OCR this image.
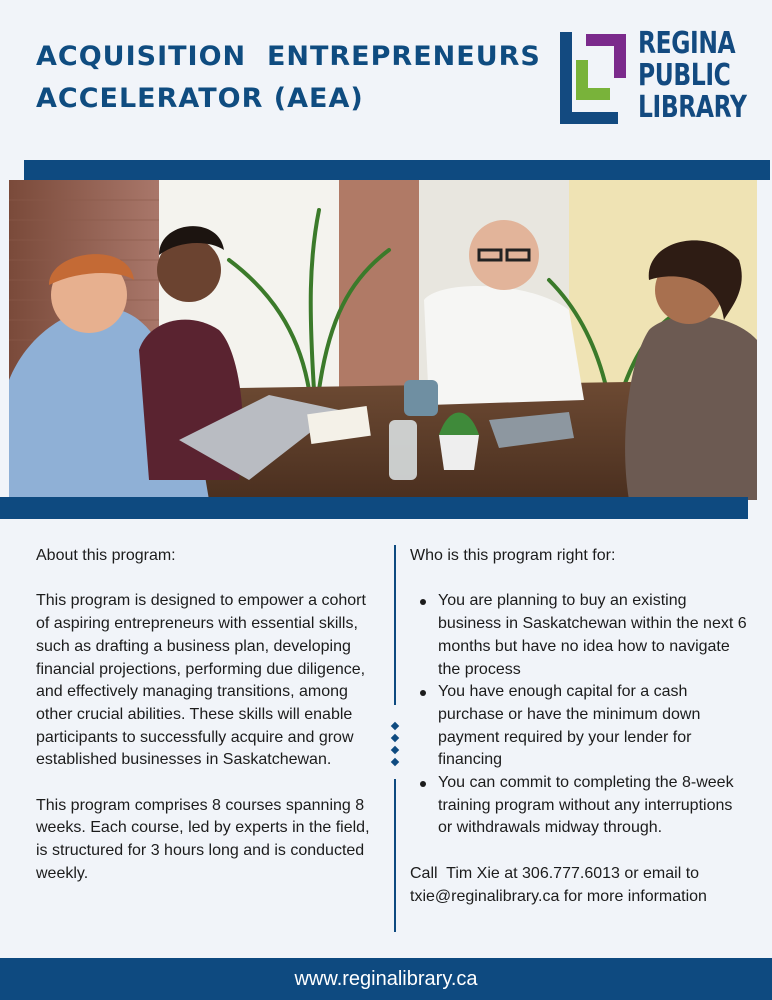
ACQUISITION  ENTREPRENEURS
ACCELERATOR (AEA)
REGINA
PUBLIC
LIBRARY

About this program:

This program is designed to empower a cohort of aspiring entrepreneurs with essential skills, such as drafting a business plan, developing financial projections, performing due diligence, and effectively managing transitions, among other crucial abilities. These skills will enable participants to successfully acquire and grow established businesses in Saskatchewan.

This program comprises 8 courses spanning 8 weeks. Each course, led by experts in the field, is structured for 3 hours long and is conducted weekly.

Who is this program right for:

You are planning to buy an existing business in Saskatchewan within the next 6 months but have no idea how to navigate the process
You have enough capital for a cash purchase or have the minimum down payment required by your lender for financing
You can commit to completing the 8-week training program without any interruptions or withdrawals midway through.

Call  Tim Xie at 306.777.6013 or email to txie@reginalibrary.ca for more information

www.reginalibrary.ca
